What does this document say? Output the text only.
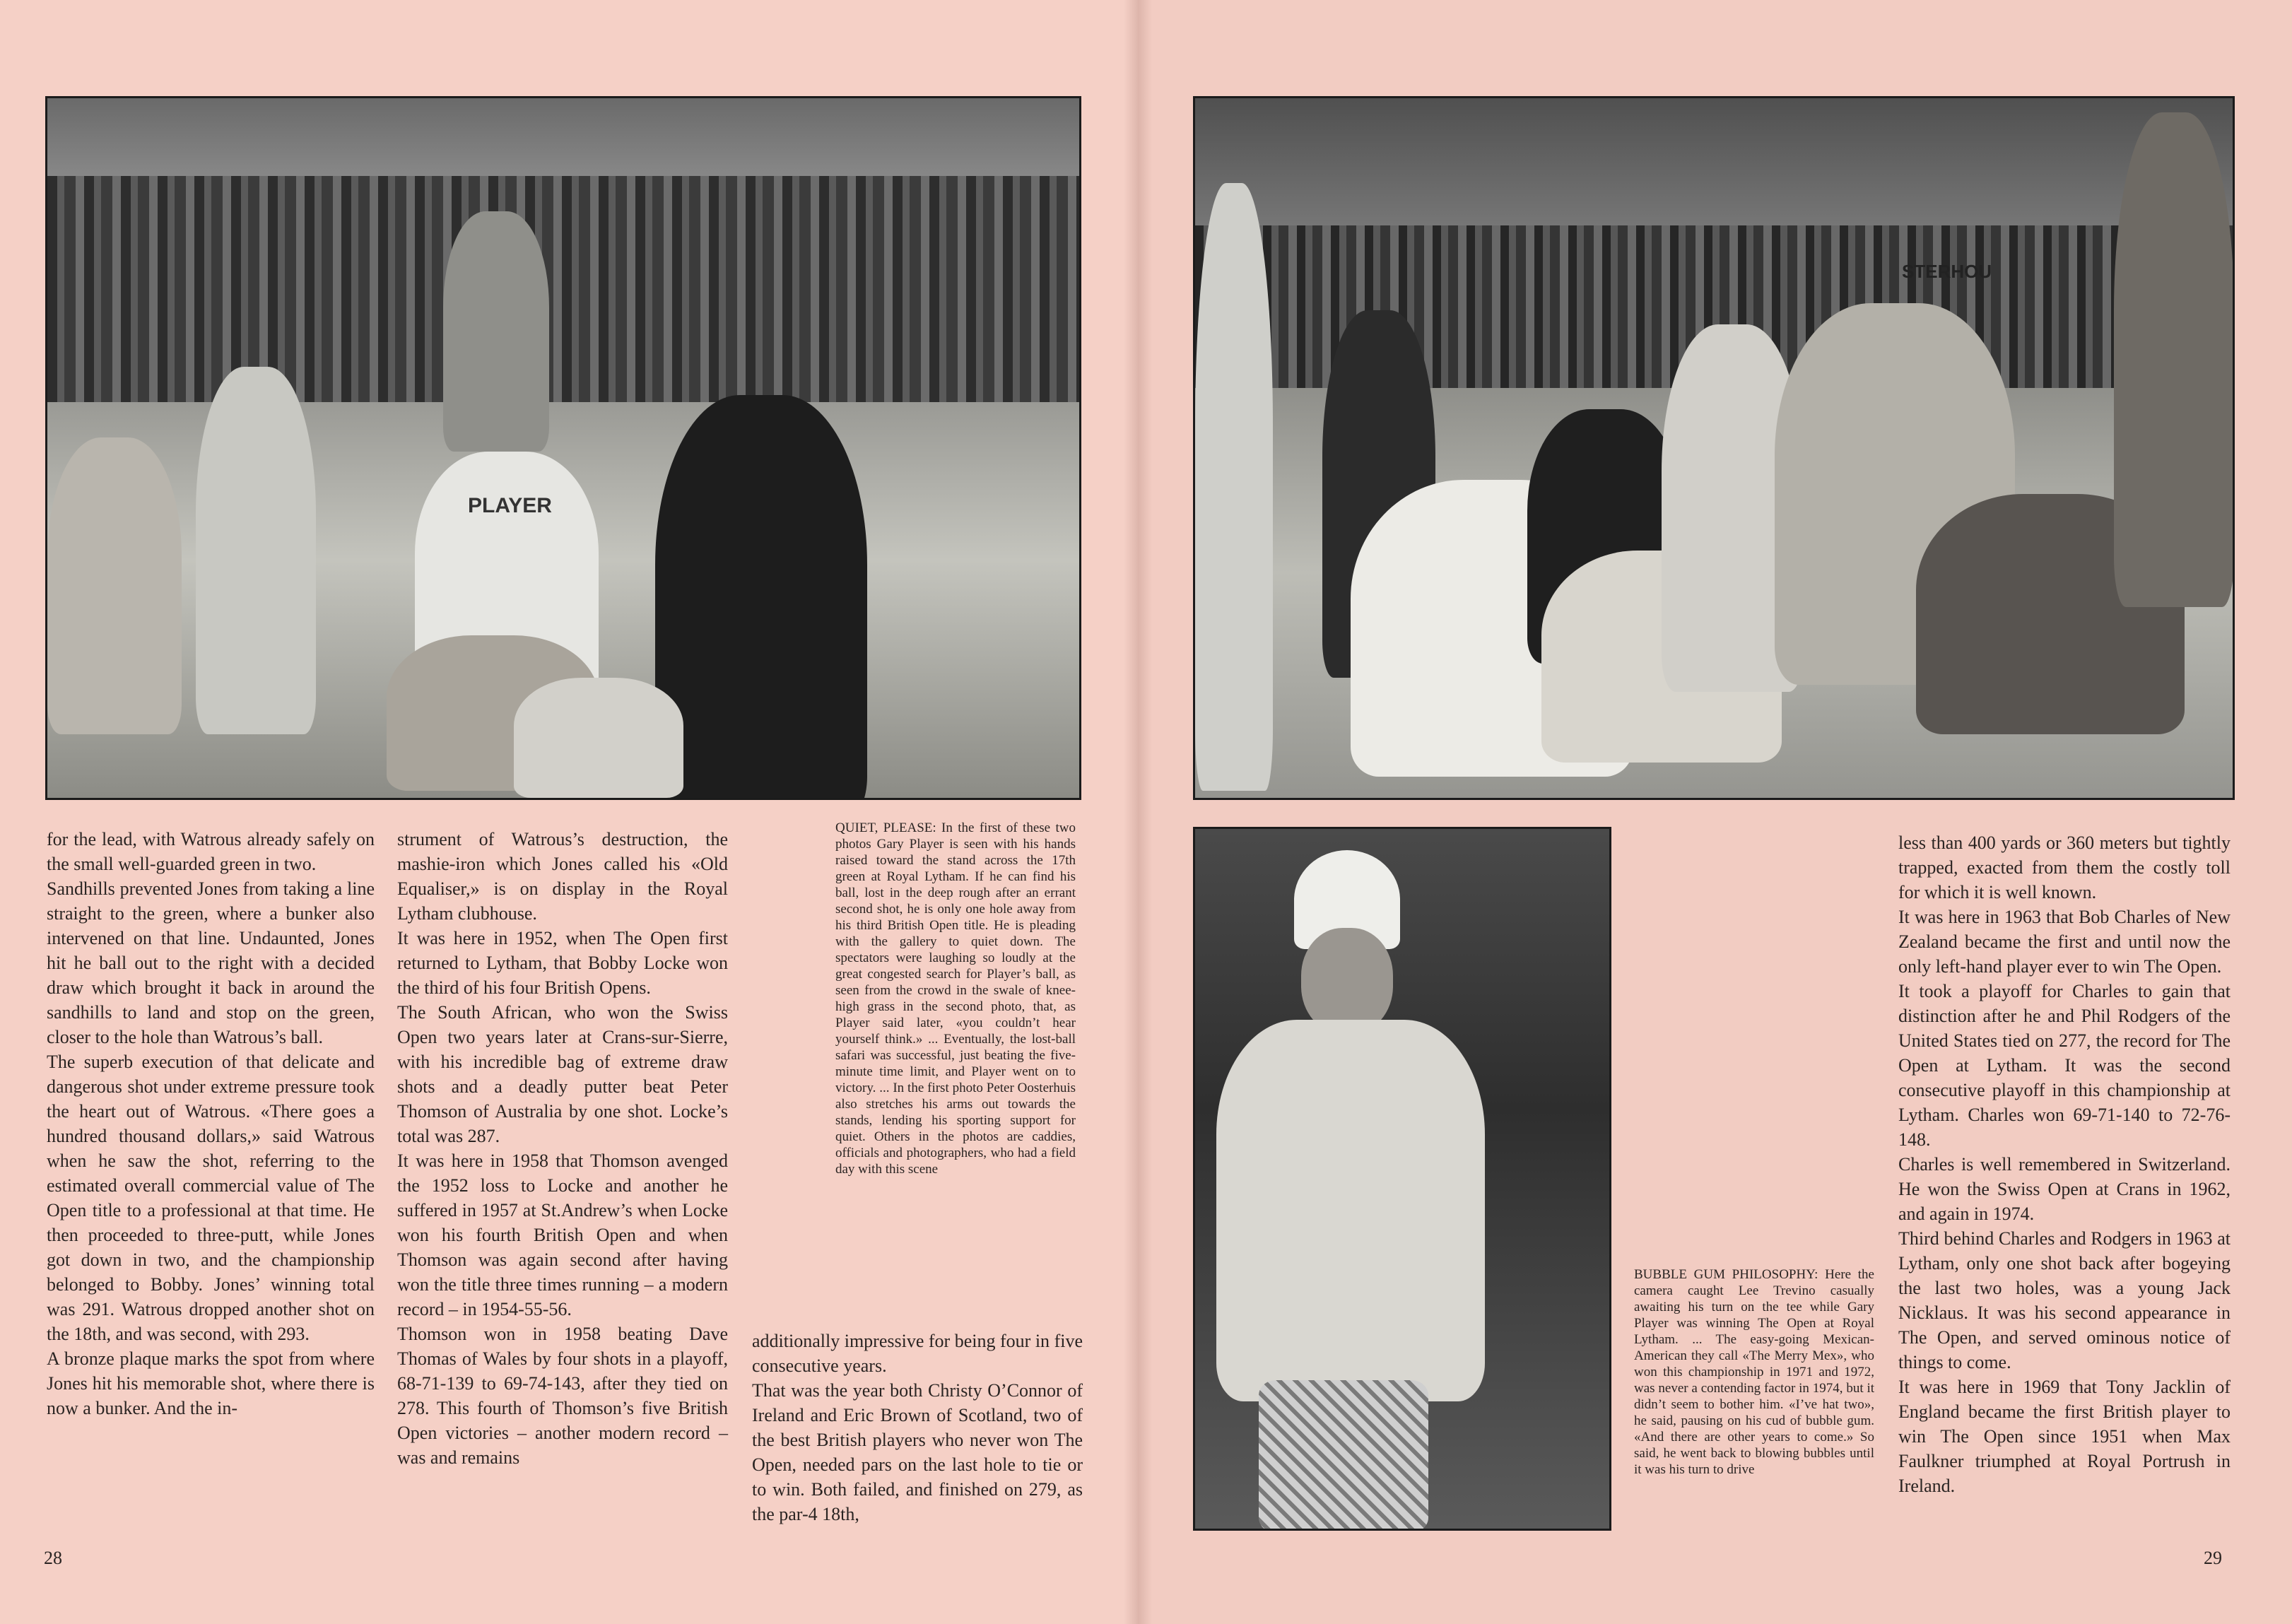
PLAYER

for the lead, with Watrous already safely on the small well-guarded green in two.

Sandhills prevented Jones from taking a line straight to the green, where a bunker also intervened on that line. Undaunted, Jones hit he ball out to the right with a decided draw which brought it back in around the sandhills to land and stop on the green, closer to the hole than Watrous’s ball.

The superb execution of that delicate and dangerous shot under extreme pressure took the heart out of Watrous. «There goes a hundred thousand dollars,» said Watrous when he saw the shot, referring to the estimated overall commercial value of The Open title to a professional at that time. He then proceeded to three-putt, while Jones got down in two, and the championship belonged to Bobby. Jones’ winning total was 291. Watrous dropped another shot on the 18th, and was second, with 293.

A bronze plaque marks the spot from where Jones hit his memorable shot, where there is now a bunker. And the in-

strument of Watrous’s destruction, the mashie-iron which Jones called his «Old Equaliser,» is on display in the Royal Lytham clubhouse.

It was here in 1952, when The Open first returned to Lytham, that Bobby Locke won the third of his four British Opens.

The South African, who won the Swiss Open two years later at Crans-sur-Sierre, with his incredible bag of extreme draw shots and a deadly putter beat Peter Thomson of Australia by one shot. Locke’s total was 287.

It was here in 1958 that Thomson avenged the 1952 loss to Locke and another he suffered in 1957 at St.Andrew’s when Locke won his fourth British Open and when Thomson was again second after having won the title three times running – a modern record – in 1954-55-56.

Thomson won in 1958 beating Dave Thomas of Wales by four shots in a playoff, 68-71-139 to 69-74-143, after they tied on 278. This fourth of Thomson’s five British Open victories – another modern record – was and remains

QUIET, PLEASE: In the first of these two photos Gary Player is seen with his hands raised toward the stand across the 17th green at Royal Lytham. If he can find his ball, lost in the deep rough after an errant second shot, he is only one hole away from his third British Open title. He is pleading with the gallery to quiet down. The spectators were laughing so loudly at the great congested search for Player’s ball, as seen from the crowd in the swale of knee-high grass in the second photo, that, as Player said later, «you couldn’t hear yourself think.» ... Eventually, the lost-ball safari was successful, just beating the five-minute time limit, and Player went on to victory. ... In the first photo Peter Oosterhuis also stretches his arms out towards the stands, lending his sporting support for quiet. Others in the photos are caddies, officials and photographers, who had a field day with this scene

additionally impressive for being four in five consecutive years.

That was the year both Christy O’Connor of Ireland and Eric Brown of Scotland, two of the best British players who never won The Open, needed pars on the last hole to tie or to win. Both failed, and finished on 279, as the par-4 18th,

28
STERHOU
BUBBLE GUM PHILOSOPHY: Here the camera caught Lee Trevino casually awaiting his turn on the tee while Gary Player was winning The Open at Royal Lytham. ... The easy-going Mexican-American they call «The Merry Mex», who won this championship in 1971 and 1972, was never a contending factor in 1974, but it didn’t seem to bother him. «I’ve hat two», he said, pausing on his cud of bubble gum. «And there are other years to come.» So said, he went back to blowing bubbles until it was his turn to drive

less than 400 yards or 360 meters but tightly trapped, exacted from them the costly toll for which it is well known.

It was here in 1963 that Bob Charles of New Zealand became the first and until now the only left-hand player ever to win The Open.

It took a playoff for Charles to gain that distinction after he and Phil Rodgers of the United States tied on 277, the record for The Open at Lytham. It was the second consecutive playoff in this championship at Lytham. Charles won 69-71-140 to 72-76-148.

Charles is well remembered in Switzerland. He won the Swiss Open at Crans in 1962, and again in 1974.

Third behind Charles and Rodgers in 1963 at Lytham, only one shot back after bogeying the last two holes, was a young Jack Nicklaus. It was his second appearance in The Open, and served ominous notice of things to come.

It was here in 1969 that Tony Jacklin of England became the first British player to win The Open since 1951 when Max Faulkner triumphed at Royal Portrush in Ireland.

29
